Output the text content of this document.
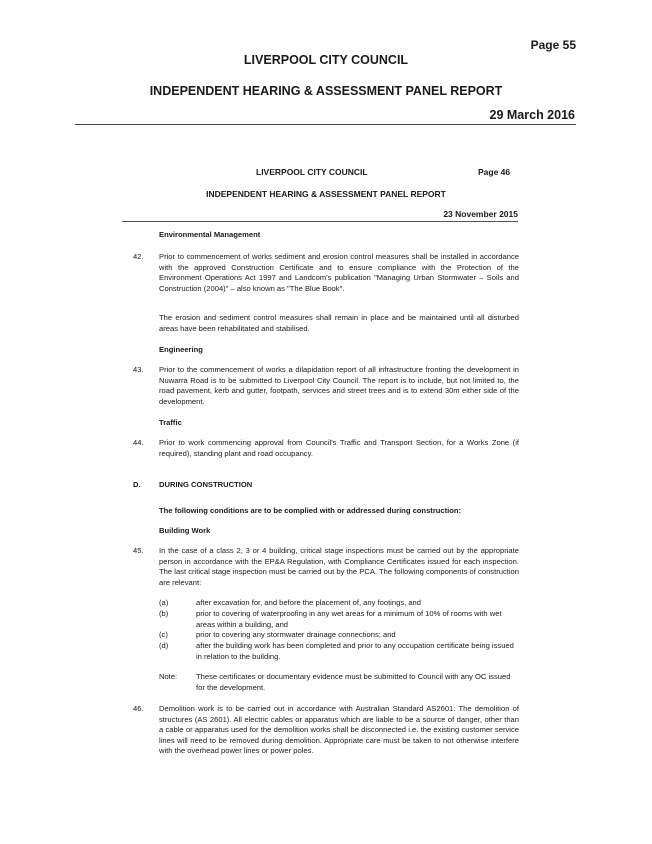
Page 55
LIVERPOOL CITY COUNCIL
INDEPENDENT HEARING & ASSESSMENT PANEL REPORT
29 March 2016
LIVERPOOL CITY COUNCIL	Page 46
INDEPENDENT HEARING & ASSESSMENT PANEL REPORT
23 November 2015
Environmental Management
42. Prior to commencement of works sediment and erosion control measures shall be installed in accordance with the approved Construction Certificate and to ensure compliance with the Protection of the Environment Operations Act 1997 and Landcom's publication "Managing Urban Stormwater – Soils and Construction (2004)" – also known as "The Blue Book".
The erosion and sediment control measures shall remain in place and be maintained until all disturbed areas have been rehabilitated and stabilised.
Engineering
43. Prior to the commencement of works a dilapidation report of all infrastructure fronting the development in Nuwarra Road is to be submitted to Liverpool City Council. The report is to include, but not limited to, the road pavement, kerb and gutter, footpath, services and street trees and is to extend 30m either side of the development.
Traffic
44. Prior to work commencing approval from Council's Traffic and Transport Section, for a Works Zone (if required), standing plant and road occupancy.
D. DURING CONSTRUCTION
The following conditions are to be complied with or addressed during construction:
Building Work
45. In the case of a class 2, 3 or 4 building, critical stage inspections must be carried out by the appropriate person in accordance with the EP&A Regulation, with Compliance Certificates issued for each inspection. The last critical stage inspection must be carried out by the PCA. The following components of construction are relevant:
(a)	after excavation for, and before the placement of, any footings, and
(b)	prior to covering of waterproofing in any wet areas for a minimum of 10% of rooms with wet areas within a building, and
(c)	prior to covering any stormwater drainage connections; and
(d)	after the building work has been completed and prior to any occupation certificate being issued in relation to the building.
Note: These certificates or documentary evidence must be submitted to Council with any OC issued for the development.
46. Demolition work is to be carried out in accordance with Australian Standard AS2601: The demolition of structures (AS 2601). All electric cables or apparatus which are liable to be a source of danger, other than a cable or apparatus used for the demolition works shall be disconnected i.e. the existing customer service lines will need to be removed during demolition. Appropriate care must be taken to not otherwise interfere with the overhead power lines or power poles.
